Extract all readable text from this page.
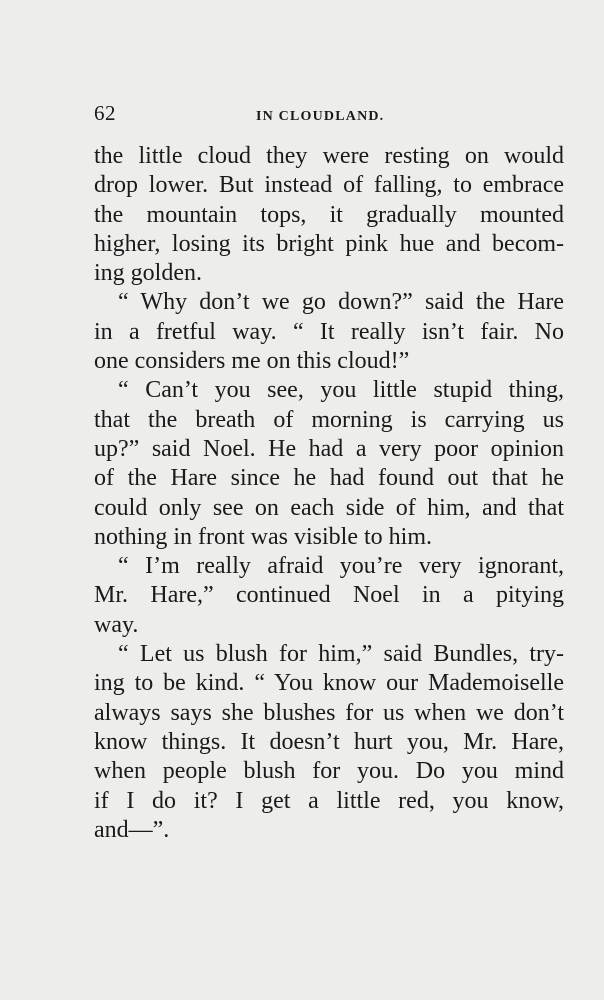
62	IN CLOUDLAND.
the little cloud they were resting on would
drop lower. But instead of falling, to embrace
the mountain tops, it gradually mounted
higher, losing its bright pink hue and becom-
ing golden.
“ Why don’t we go down?” said the Hare
in a fretful way. “ It really isn’t fair. No
one considers me on this cloud!”
“ Can’t you see, you little stupid thing,
that the breath of morning is carrying us
up?” said Noel. He had a very poor opinion
of the Hare since he had found out that he
could only see on each side of him, and that
nothing in front was visible to him.
“ I’m really afraid you’re very ignorant,
Mr. Hare,” continued Noel in a pitying
way.
“ Let us blush for him,” said Bundles, try-
ing to be kind. “ You know our Mademoiselle
always says she blushes for us when we don’t
know things. It doesn’t hurt you, Mr. Hare,
when people blush for you. Do you mind
if I do it? I get a little red, you know,
and—”.
